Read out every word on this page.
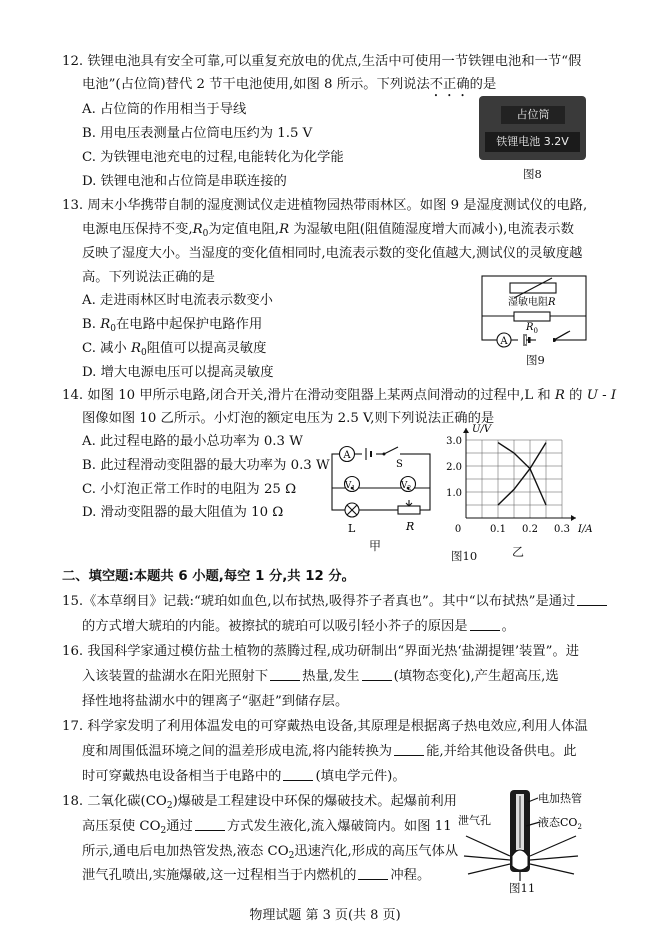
12. 铁锂电池具有安全可靠,可以重复充放电的优点,生活中可使用一节铁锂电池和一节“假
电池”(占位筒)替代 2 节干电池使用,如图 8 所示。下列说法不正确的是
A. 占位筒的作用相当于导线
B. 用电压表测量占位筒电压约为 1.5 V
C. 为铁锂电池充电的过程,电能转化为化学能
D. 铁锂电池和占位筒是串联连接的
占位筒
铁锂电池 3.2V
图8
13. 周末小华携带自制的湿度测试仪走进植物园热带雨林区。如图 9 是湿度测试仪的电路,
电源电压保持不变$,R_0$为定值电阻,R 为湿敏电阻(阻值随湿度增大而减小),电流表示数
反映了湿度大小。当湿度的变化值相同时,电流表示数的变化值越大,测试仪的灵敏度越
高。下列说法正确的是
A. 走进雨林区时电流表示数变小
B. $R_0$在电路中起保护电路作用
C. 减小 $R_0$阻值可以提高灵敏度
D. 增大电源电压可以提高灵敏度
A
湿敏电阻R
$R_0$
图9
14. 如图 10 甲所示电路,闭合开关,滑片在滑动变阻器上某两点间滑动的过程中,L 和 R 的 U - I
图像如图 10 乙所示。小灯泡的额定电压为 2.5 V,则下列说法正确的是
A. 此过程电路的最小总功率为 0.3 W
B. 此过程滑动变阻器的最大功率为 0.3 W
C. 小灯泡正常工作时的电阻为 25 Ω
D. 滑动变阻器的最大阻值为 10 Ω
A
S
$V_1$	$V_2$
L	R
甲
0.1 0.2 0.3
1.0
2.0
3.0
0	I/A
U/V
乙
图10
二、填空题:本题共 6 小题,每空 1 分,共 12 分。
15.《本草纲目》记载:“琥珀如血色,以布拭热,吸得芥子者真也”。其中“以布拭热”是通过
的方式增大琥珀的内能。被擦拭的琥珀可以吸引轻小芥子的原因是	。
16. 我国科学家通过模仿盐土植物的蒸腾过程,成功研制出“界面光热‘盐湖提锂’装置”。进
入该装置的盐湖水在阳光照射下	热量,发生	(填物态变化),产生超高压,选
择性地将盐湖水中的锂离子“驱赶”到储存层。
17. 科学家发明了利用体温发电的可穿戴热电设备,其原理是根据离子热电效应,利用人体温
度和周围低温环境之间的温差形成电流,将内能转换为	能,并给其他设备供电。此
时可穿戴热电设备相当于电路中的	(填电学元件)。
18. 二氧化碳$(CO_2)$爆破是工程建设中环保的爆破技术。起爆前利用
高压泵使 $CO_2$通过	方式发生液化,流入爆破筒内。如图 11
所示,通电后电加热管发热,液态 $CO_2$迅速汽化,形成的高压气体从
泄气孔喷出,实施爆破,这一过程相当于内燃机的	冲程。
泄气孔
电加热管
液态$CO_2$
图11
物理试题 第 3 页(共 8 页)
